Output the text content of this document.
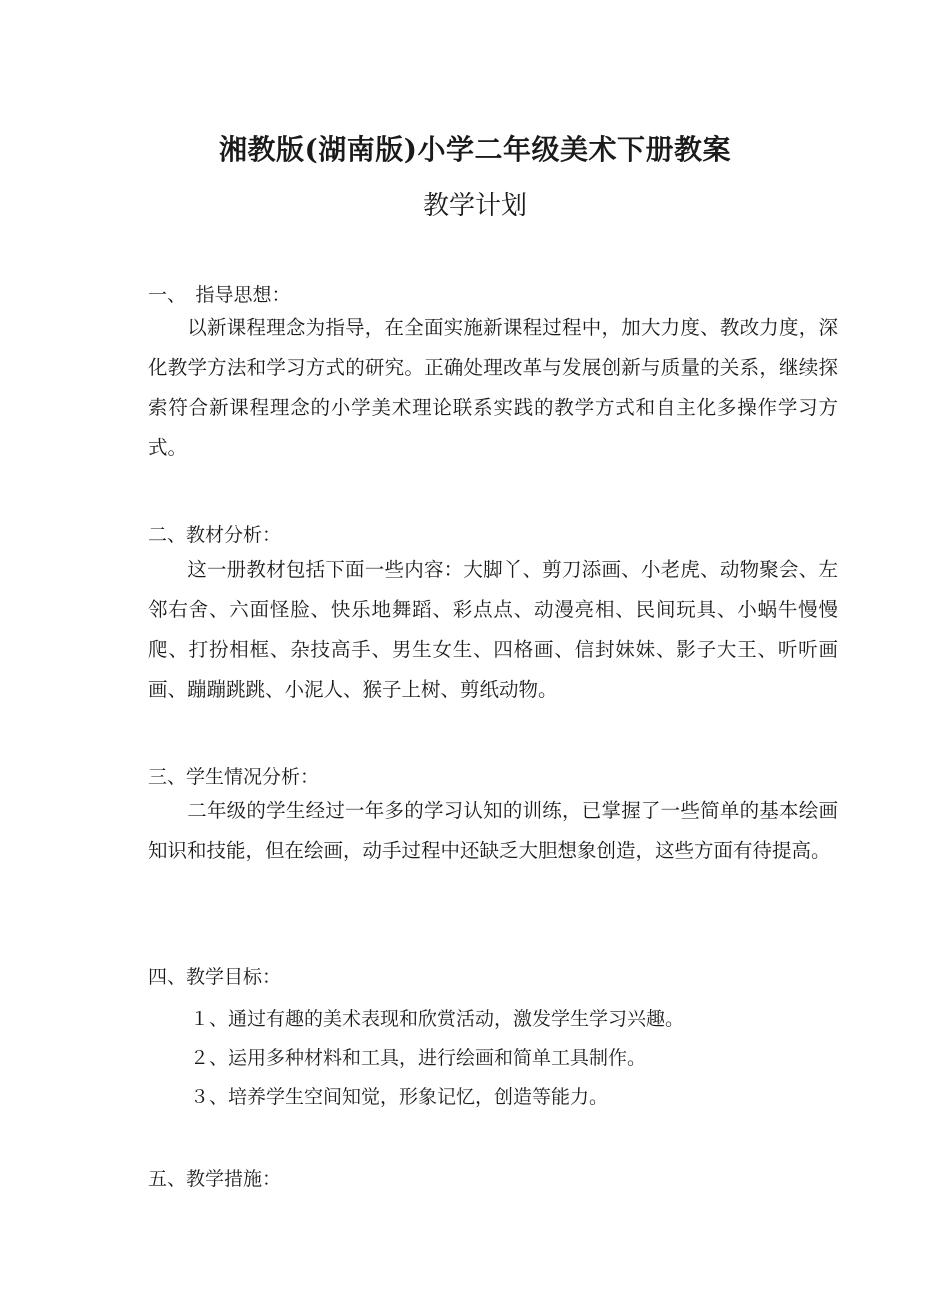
湘教版(湖南版)小学二年级美术下册教案
教学计划
一、　指导思想：
以新课程理念为指导，在全面实施新课程过程中，加大力度、教改力度，深化教学方法和学习方式的研究。正确处理改革与发展创新与质量的关系，继续探索符合新课程理念的小学美术理论联系实践的教学方式和自主化多操作学习方式。
二、教材分析：
这一册教材包括下面一些内容：大脚丫、剪刀添画、小老虎、动物聚会、左邻右舍、六面怪脸、快乐地舞蹈、彩点点、动漫亮相、民间玩具、小蜗牛慢慢爬、打扮相框、杂技高手、男生女生、四格画、信封妹妹、影子大王、听听画画、蹦蹦跳跳、小泥人、猴子上树、剪纸动物。
三、学生情况分析：
二年级的学生经过一年多的学习认知的训练，已掌握了一些简单的基本绘画知识和技能，但在绘画，动手过程中还缺乏大胆想象创造，这些方面有待提高。
四、教学目标：
１、通过有趣的美术表现和欣赏活动，激发学生学习兴趣。
２、运用多种材料和工具，进行绘画和简单工具制作。
３、培养学生空间知觉，形象记忆，创造等能力。
五、教学措施：
